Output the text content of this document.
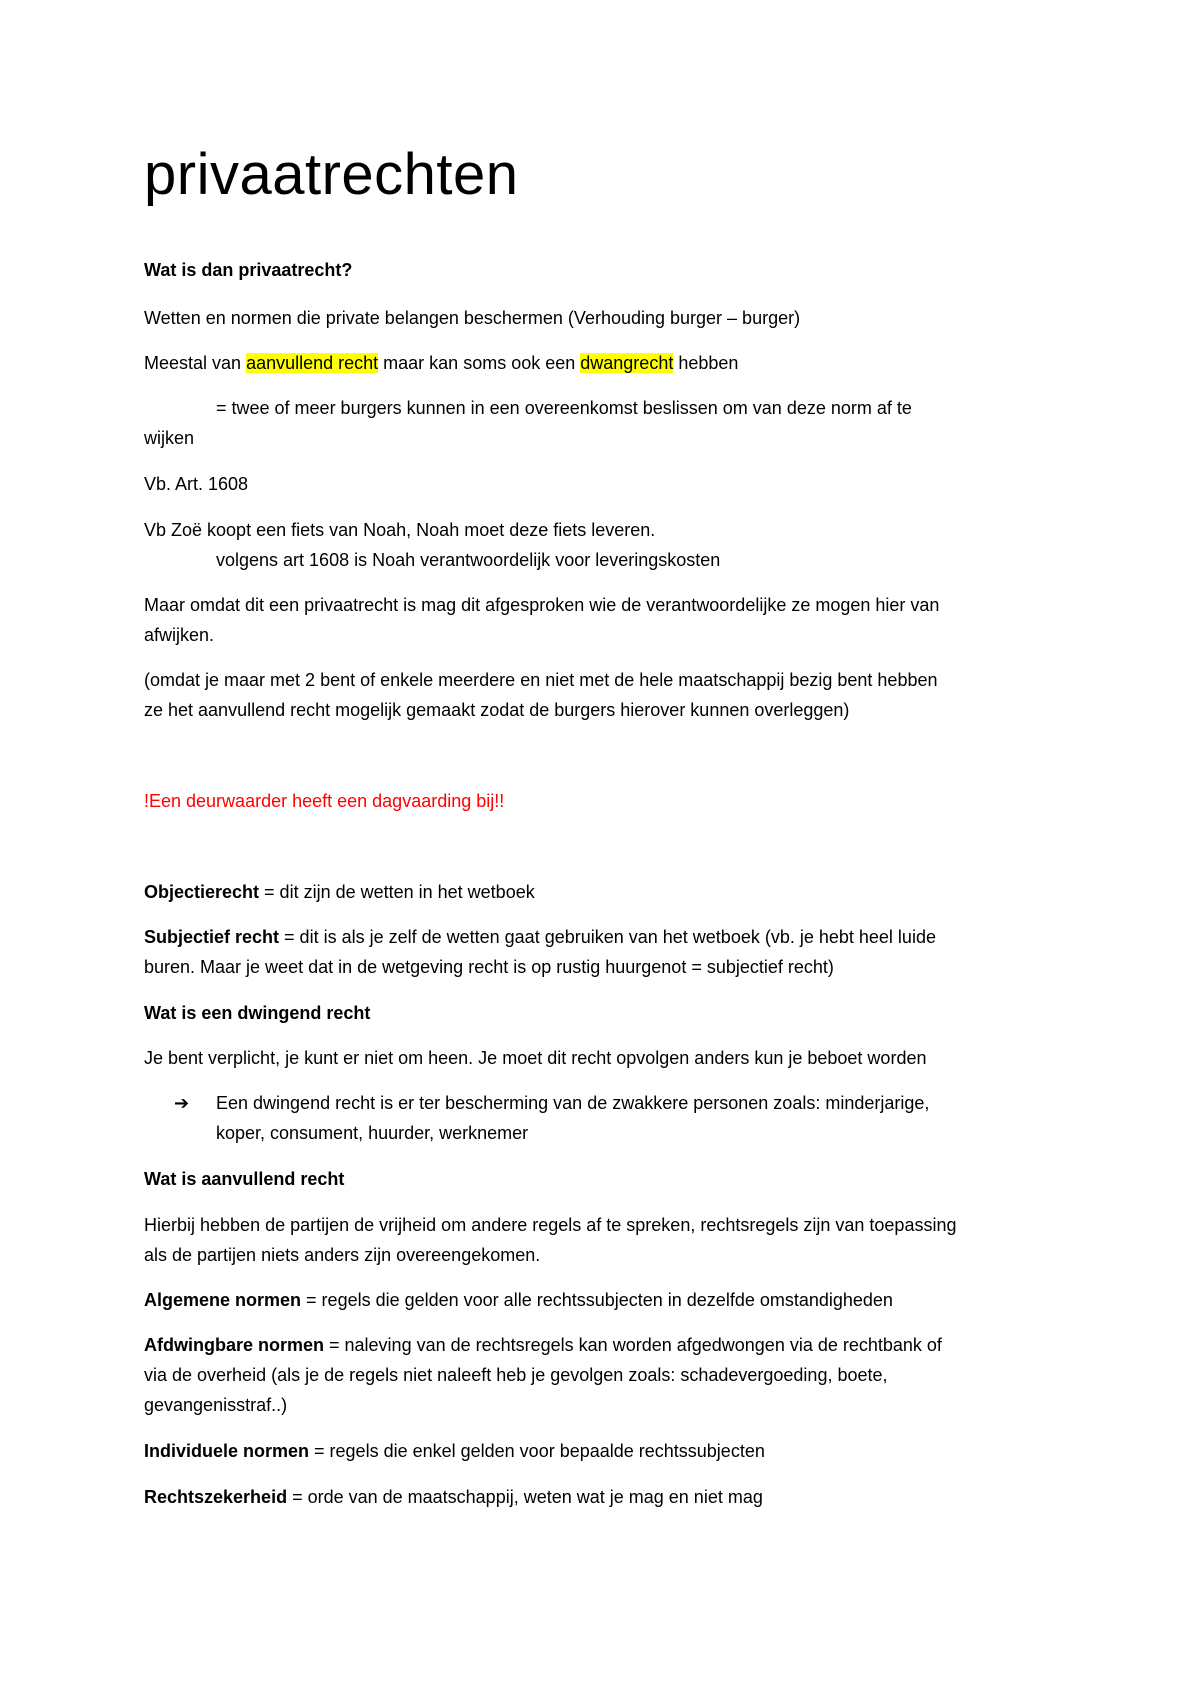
privaatrechten
Wat is dan privaatrecht?
Wetten en normen die private belangen beschermen (Verhouding burger – burger)
Meestal van aanvullend recht maar kan soms ook een dwangrecht hebben
= twee of meer burgers kunnen in een overeenkomst beslissen om van deze norm af te
wijken
Vb. Art. 1608
Vb Zoë koopt een fiets van Noah, Noah moet deze fiets leveren.
volgens art 1608 is Noah verantwoordelijk voor leveringskosten
Maar omdat dit een privaatrecht is mag dit afgesproken wie de verantwoordelijke ze mogen hier van
afwijken.
(omdat je maar met 2 bent of enkele meerdere en niet met de hele maatschappij bezig bent hebben
ze het aanvullend recht mogelijk gemaakt zodat de burgers hierover kunnen overleggen)
!Een deurwaarder heeft een dagvaarding bij!!
Objectierecht = dit zijn de wetten in het wetboek
Subjectief recht = dit is als je zelf de wetten gaat gebruiken van het wetboek (vb. je hebt heel luide
buren. Maar je weet dat in de wetgeving recht is op rustig huurgenot = subjectief recht)
Wat is een dwingend recht
Je bent verplicht, je kunt er niet om heen. Je moet dit recht opvolgen anders kun je beboet worden
➔ Een dwingend recht is er ter bescherming van de zwakkere personen zoals: minderjarige,
koper, consument, huurder, werknemer
Wat is aanvullend recht
Hierbij hebben de partijen de vrijheid om andere regels af te spreken, rechtsregels zijn van toepassing
als de partijen niets anders zijn overeengekomen.
Algemene normen = regels die gelden voor alle rechtssubjecten in dezelfde omstandigheden
Afdwingbare normen = naleving van de rechtsregels kan worden afgedwongen via de rechtbank of
via de overheid (als je de regels niet naleeft heb je gevolgen zoals: schadevergoeding, boete,
gevangenisstraf..)
Individuele normen = regels die enkel gelden voor bepaalde rechtssubjecten
Rechtszekerheid = orde van de maatschappij, weten wat je mag en niet mag
